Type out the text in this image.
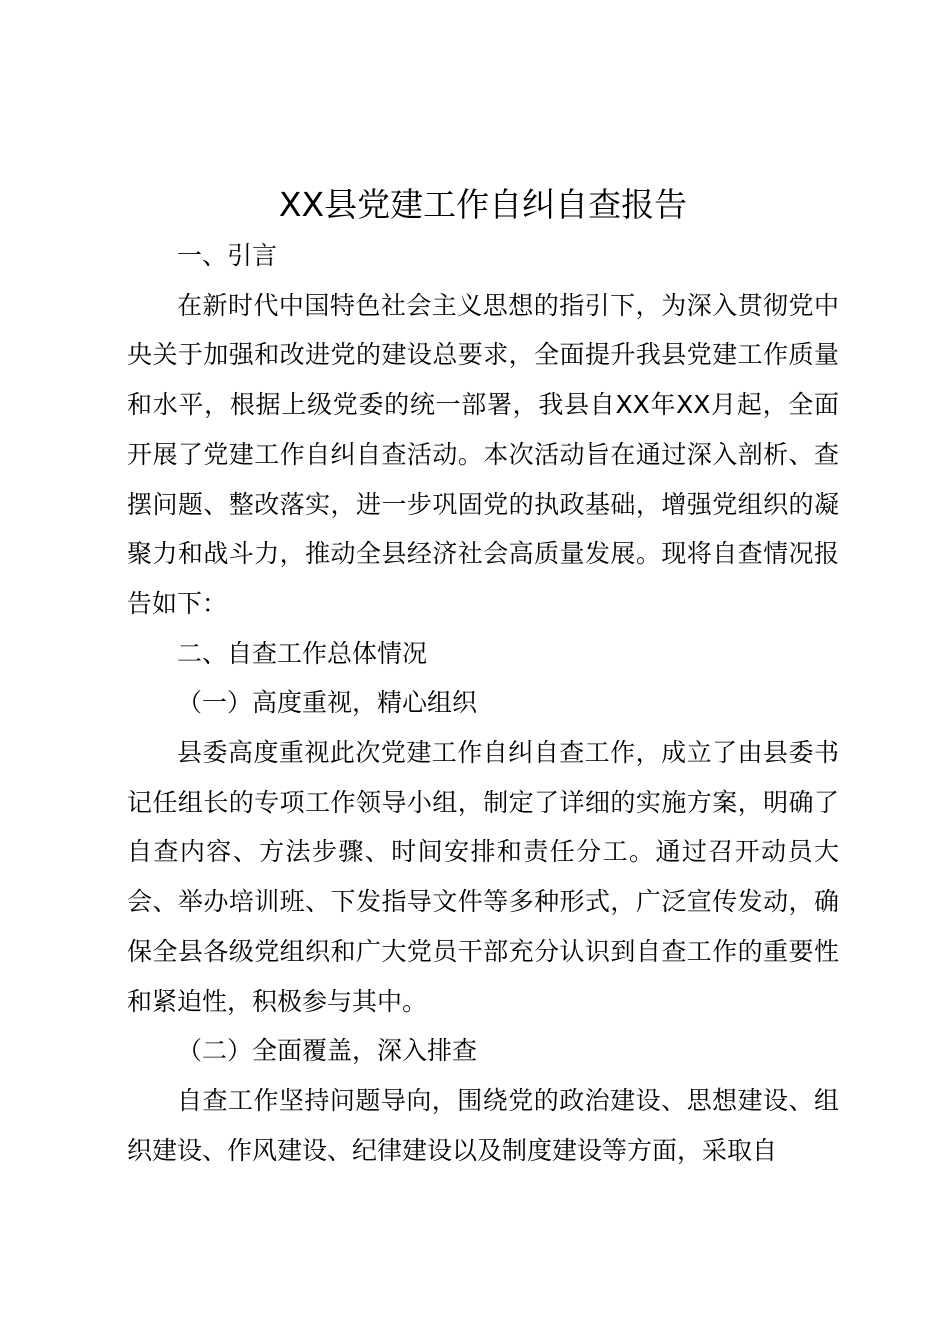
XX县党建工作自纠自查报告

一、引言

在新时代中国特色社会主义思想的指引下，为深入贯彻党中央关于加强和改进党的建设总要求，全面提升我县党建工作质量和水平，根据上级党委的统一部署，我县自XX年XX月起，全面开展了党建工作自纠自查活动。本次活动旨在通过深入剖析、查摆问题、整改落实，进一步巩固党的执政基础，增强党组织的凝聚力和战斗力，推动全县经济社会高质量发展。现将自查情况报告如下：

二、自查工作总体情况

（一）高度重视，精心组织

县委高度重视此次党建工作自纠自查工作，成立了由县委书记任组长的专项工作领导小组，制定了详细的实施方案，明确了自查内容、方法步骤、时间安排和责任分工。通过召开动员大会、举办培训班、下发指导文件等多种形式，广泛宣传发动，确保全县各级党组织和广大党员干部充分认识到自查工作的重要性和紧迫性，积极参与其中。

（二）全面覆盖，深入排查

自查工作坚持问题导向，围绕党的政治建设、思想建设、组织建设、作风建设、纪律建设以及制度建设等方面，采取自
